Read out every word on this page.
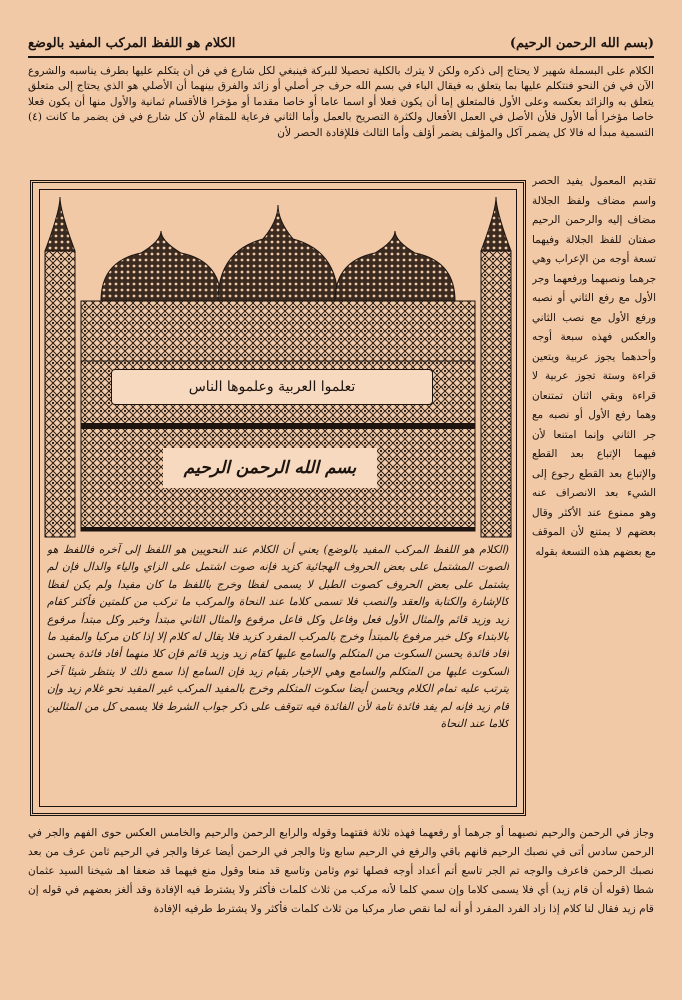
(بسم الله الرحمن الرحيم)
الكلام هو اللفظ المركب المفيد بالوضع
الكلام على البسملة شهير لا يحتاج إلى ذكره ولكن لا يترك بالكلية تحصيلا للبركة فينبغي لكل شارع في فن أن يتكلم عليها بطرف يناسبه والشروع الآن في فن النحو فنتكلم عليها بما يتعلق به فيقال الباء في بسم الله حرف جر أصلي أو زائد والفرق بينهما أن الأصلي هو الذي يحتاج إلى متعلق يتعلق به والزائد بعكسه وعلى الأول فالمتعلق إما أن يكون فعلا أو اسما عاما أو خاصا مقدما أو مؤخرا فالأقسام ثمانية والأول منها أن يكون فعلا خاصا مؤخرا أما الأول فلأن الأصل في العمل الأفعال ولكثرة التصريح بالعمل وأما الثاني فرعاية للمقام لأن كل شارع في فن يضمر ما كانت (٤) التسمية مبدأ له فالا كل يضمر آكل والمؤلف يضمر أؤلف وأما الثالث فللإفادة الحصر لأن
تقديم المعمول يفيد الحصر واسم مضاف ولفظ الجلالة مضاف إليه والرحمن الرحيم صفتان للفظ الجلالة وفيهما تسعة أوجه من الإعراب وهي جرهما ونصبهما ورفعهما وجر الأول مع رفع الثاني أو نصبه ورفع الأول مع نصب الثاني والعكس فهذه سبعة أوجه وأحدهما يجوز عربية ويتعين قراءة وستة تجوز عربية لا قراءة وبقي اثنان تمتنعان وهما رفع الأول أو نصبه مع جر الثاني وإنما امتنعا لأن فيهما الإتباع بعد القطع والإتباع بعد القطع رجوع إلى الشيء بعد الانصراف عنه وهو ممنوع عند الأكثر وقال بعضهم لا يمتنع لأن الموقف مع بعضهم هذه التسعة بقوله
تعلموا العربية وعلموها الناس
بسم الله الرحمن الرحيم
(الكلام هو اللفظ المركب المفيد بالوضع) يعني أن الكلام عند النحويين هو اللفظ إلى آخره فاللفظ هو الصوت المشتمل على بعض الحروف الهجائية كزيد فإنه صوت اشتمل على الزاي والياء والدال فإن لم يشتمل على بعض الحروف كصوت الطبل لا يسمى لفظا وخرج باللفظ ما كان مفيدا ولم يكن لفظا كالإشارة والكتابة والعقد والنصب فلا تسمى كلاما عند النحاة والمركب ما تركب من كلمتين فأكثر كقام زيد وزيد قائم والمثال الأول فعل وفاعل وكل فاعل مرفوع والمثال الثاني مبتدأ وخبر وكل مبتدأ مرفوع بالابتداء وكل خبر مرفوع بالمبتدأ وخرج بالمركب المفرد كزيد فلا يقال له كلام إلا إذا كان مركبا والمفيد ما أفاد فائدة يحسن السكوت من المتكلم والسامع عليها كقام زيد وزيد قائم فإن كلا منهما أفاد فائدة يحسن السكوت عليها من المتكلم والسامع وهي الإخبار بقيام زيد فإن السامع إذا سمع ذلك لا ينتظر شيئا آخر يترتب عليه تمام الكلام ويحسن أيضا سكوت المتكلم وخرج بالمفيد المركب غير المفيد نحو غلام زيد وإن قام زيد فإنه لم يفد فائدة تامة لأن الفائدة فيه تتوقف على ذكر جواب الشرط فلا يسمى كل من المثالين كلاما عند النحاة
وجاز في الرحمن والرحيم نصبهما أو جرهما أو رفعهما فهذه ثلاثة فقتهما وقوله والرابع الرحمن والرحيم والخامس العكس حوى الفهم والجر في الرحمن سادس أتى في نصبك الرحيم فانهم باقي والرفع في الرحيم سابع وثا والجر في الرحمن أيضا عرفا والجر في الرحيم ثامن عرف من بعد نصبك الرحمن فاعرف والوجه تم الجر تاسع أتم أعداد أوجه فصلها توم وثامن وتاسع قد منعا وقول منع فيهما قد ضعفا اهـ شيخنا السيد عثمان شطا (قوله أن قام زيد) أي فلا يسمى كلاما وإن سمي كلما لأنه مركب من ثلاث كلمات فأكثر ولا يشترط فيه الإفادة وقد ألغز بعضهم في قوله إن قام زيد فقال لنا كلام إذا زاد الفرد المفرد أو أنه لما نقص صار مركبا من ثلاث كلمات فأكثر ولا يشترط طرفيه الإفادة
